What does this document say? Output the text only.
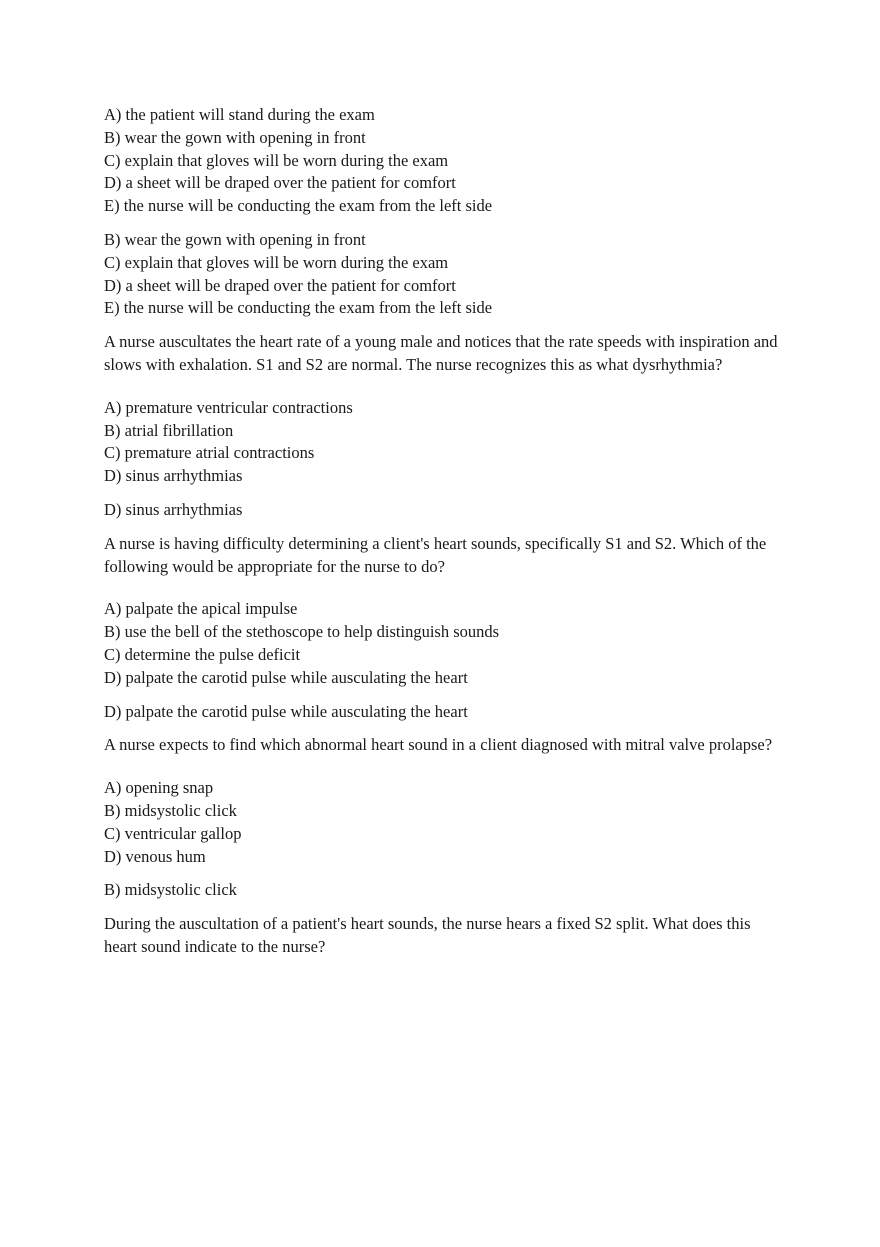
A) the patient will stand during the exam
B) wear the gown with opening in front
C) explain that gloves will be worn during the exam
D) a sheet will be draped over the patient for comfort
E) the nurse will be conducting the exam from the left side
B) wear the gown with opening in front
C) explain that gloves will be worn during the exam
D) a sheet will be draped over the patient for comfort
E) the nurse will be conducting the exam from the left side
A nurse auscultates the heart rate of a young male and notices that the rate speeds with inspiration and slows with exhalation. S1 and S2 are normal. The nurse recognizes this as what dysrhythmia?
A) premature ventricular contractions
B) atrial fibrillation
C) premature atrial contractions
D) sinus arrhythmias
D) sinus arrhythmias
A nurse is having difficulty determining a client's heart sounds, specifically S1 and S2. Which of the following would be appropriate for the nurse to do?
A) palpate the apical impulse
B) use the bell of the stethoscope to help distinguish sounds
C) determine the pulse deficit
D) palpate the carotid pulse while ausculating the heart
D) palpate the carotid pulse while ausculating the heart
A nurse expects to find which abnormal heart sound in a client diagnosed with mitral valve prolapse?
A) opening snap
B) midsystolic click
C) ventricular gallop
D) venous hum
B) midsystolic click
During the auscultation of a patient's heart sounds, the nurse hears a fixed S2 split. What does this heart sound indicate to the nurse?
